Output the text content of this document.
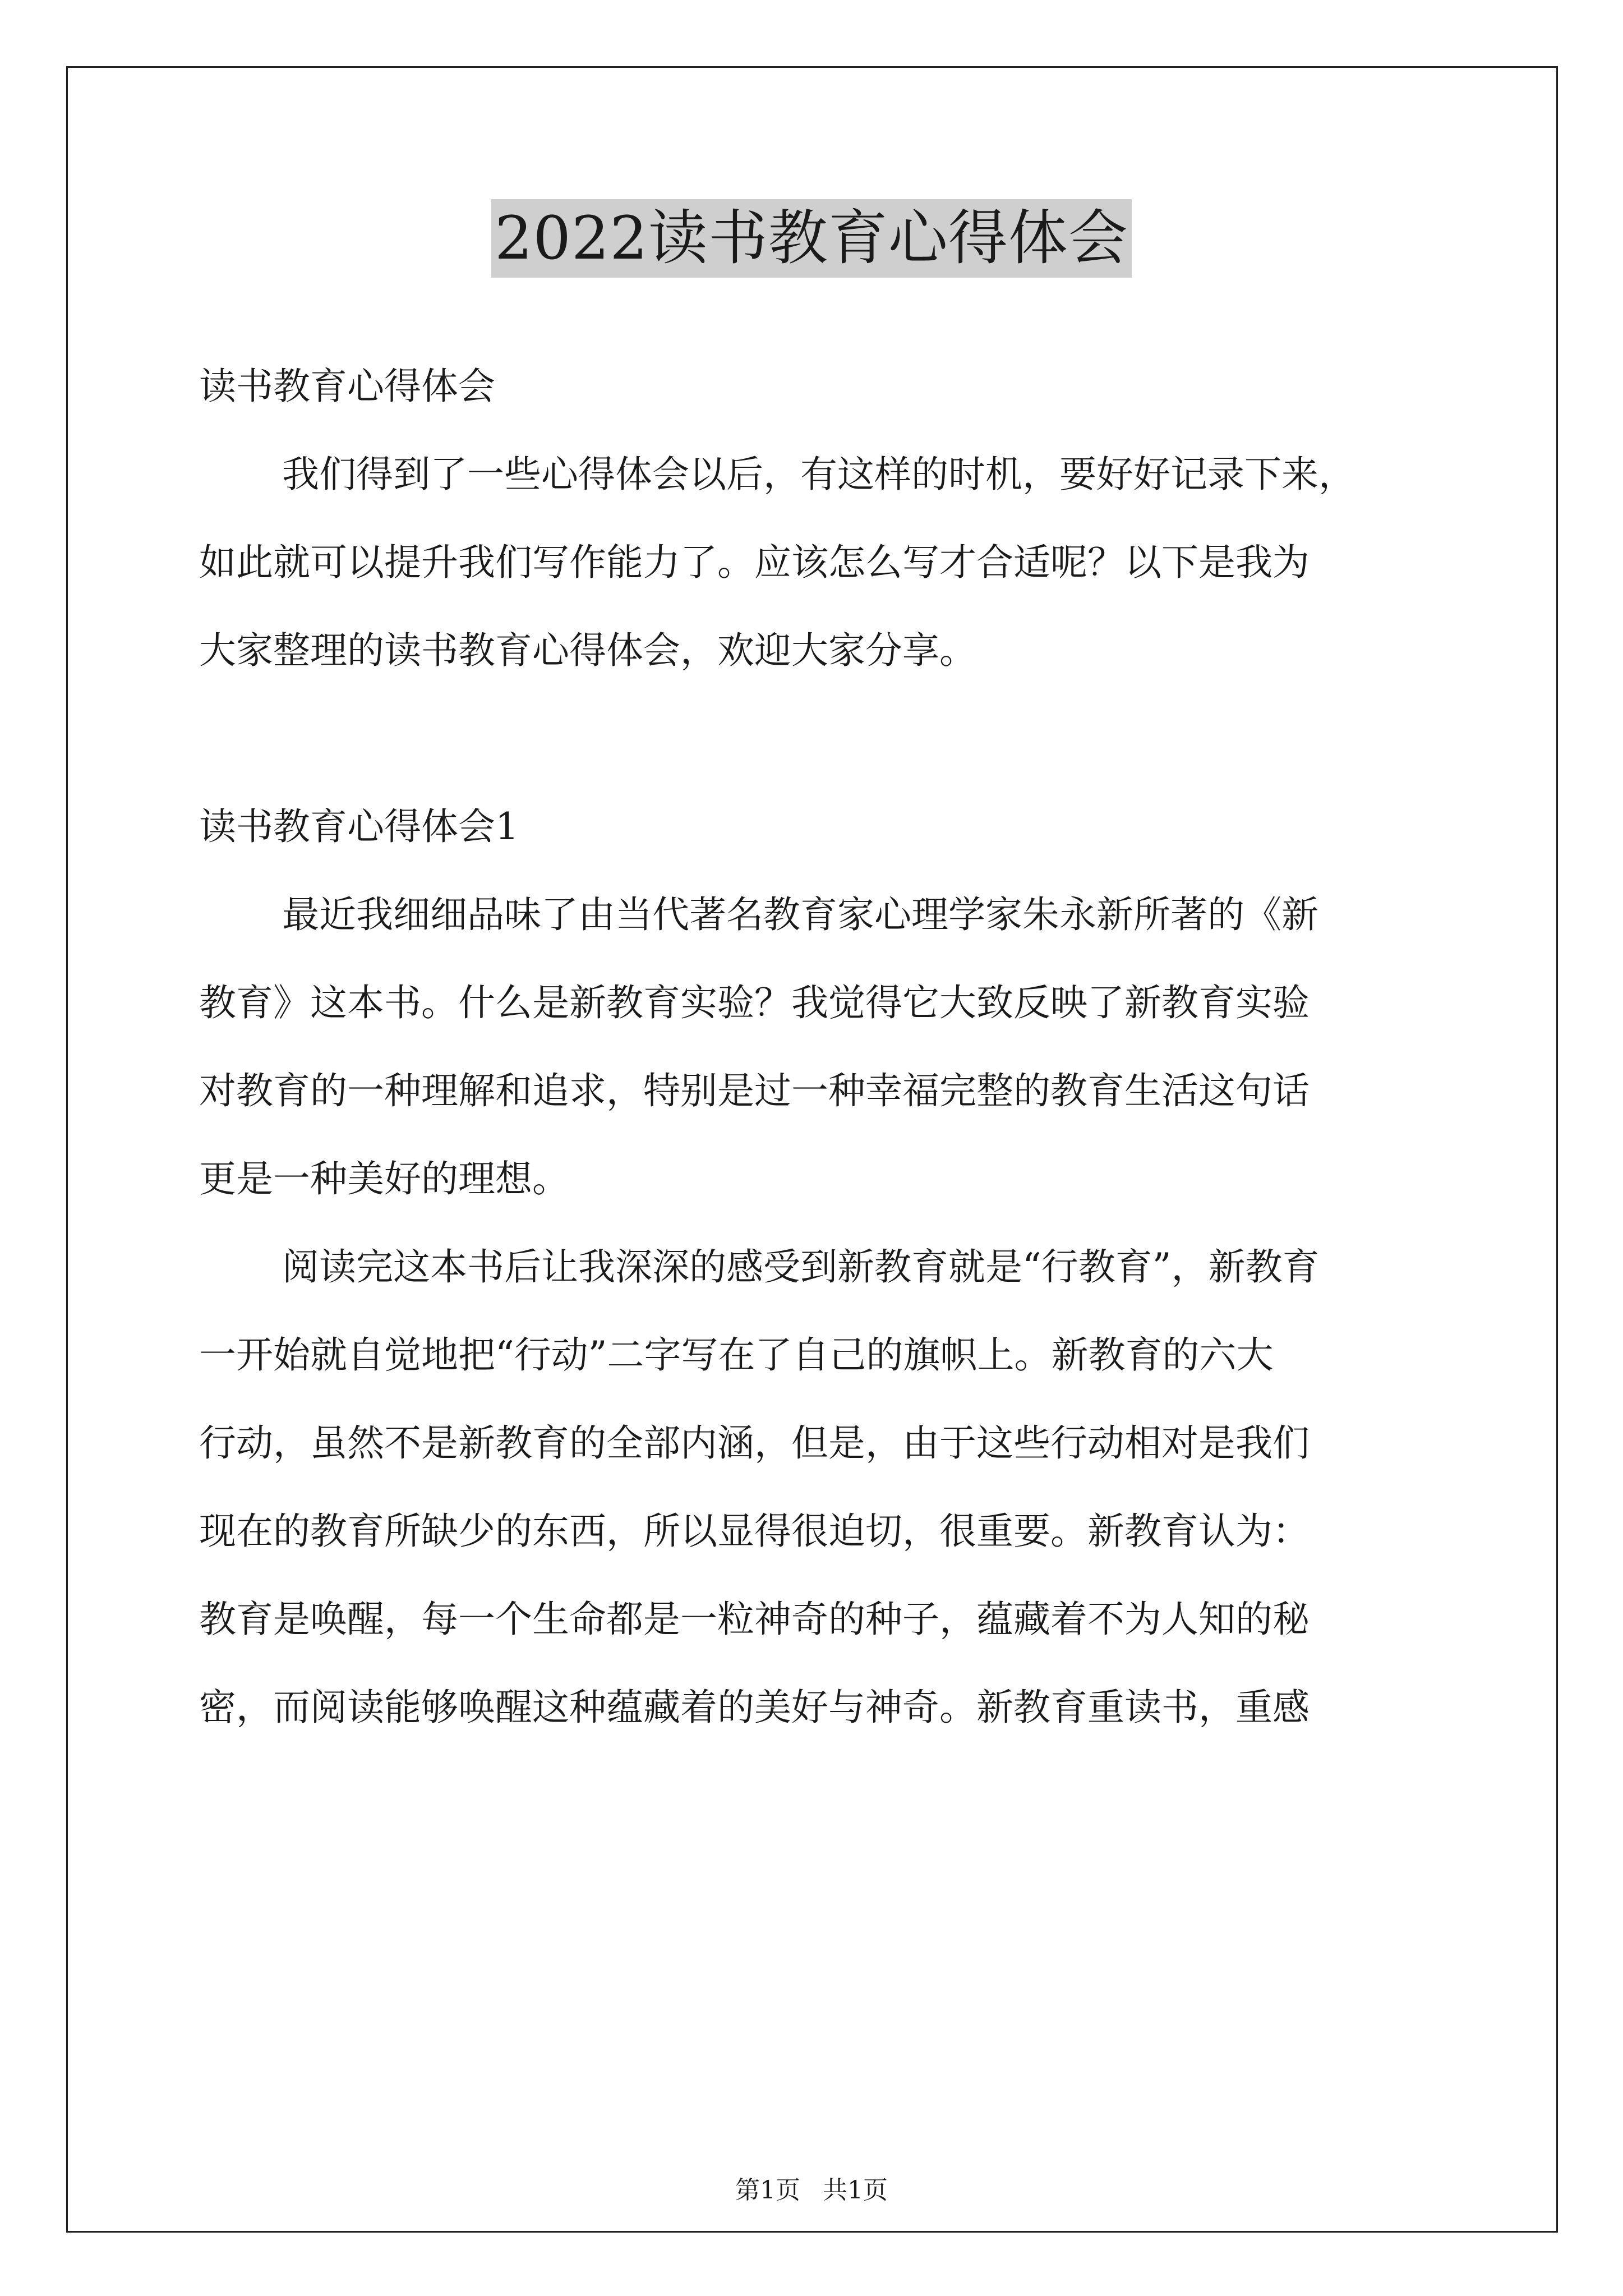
2022读书教育心得体会

读书教育心得体会

我们得到了一些心得体会以后，有这样的时机，要好好记录下来，

如此就可以提升我们写作能力了。应该怎么写才合适呢？以下是我为

大家整理的读书教育心得体会，欢迎大家分享。

读书教育心得体会1

最近我细细品味了由当代著名教育家心理学家朱永新所著的《新

教育》这本书。什么是新教育实验？我觉得它大致反映了新教育实验

对教育的一种理解和追求，特别是过一种幸福完整的教育生活这句话

更是一种美好的理想。

阅读完这本书后让我深深的感受到新教育就是“行教育”，新教育

一开始就自觉地把“行动”二字写在了自己的旗帜上。新教育的六大

行动，虽然不是新教育的全部内涵，但是，由于这些行动相对是我们

现在的教育所缺少的东西，所以显得很迫切，很重要。新教育认为：

教育是唤醒，每一个生命都是一粒神奇的种子，蕴藏着不为人知的秘

密，而阅读能够唤醒这种蕴藏着的美好与神奇。新教育重读书，重感

第1页 共1页
